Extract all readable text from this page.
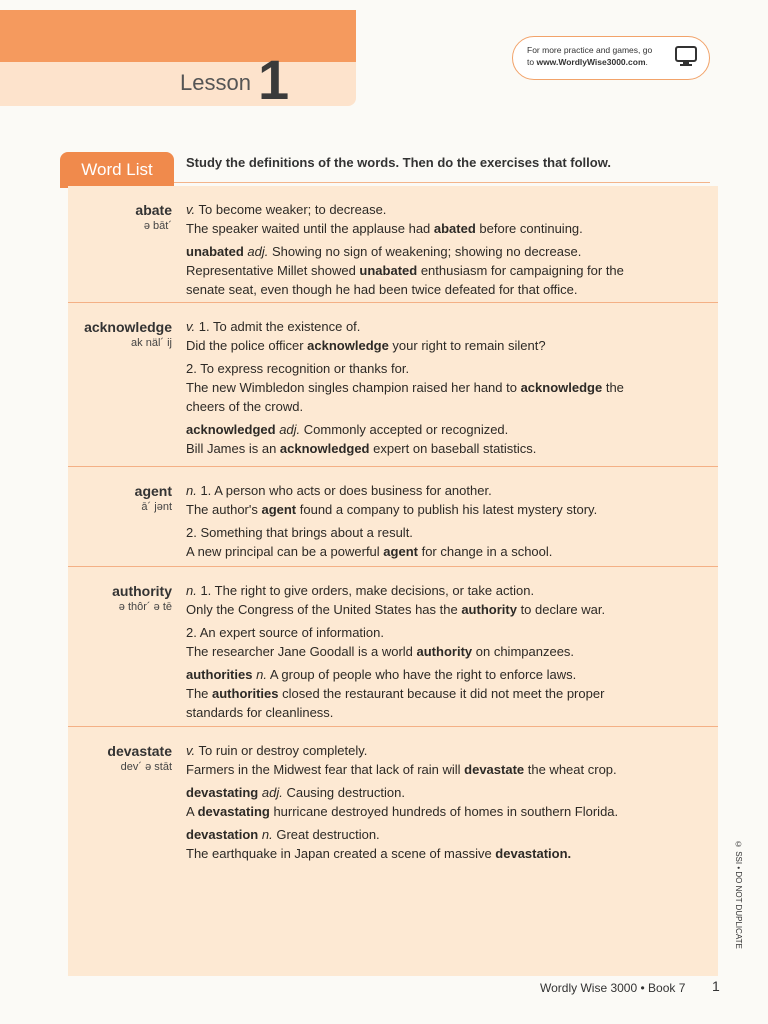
Lesson 1	For more practice and games, go
to www.WordlyWise3000.com.
Word List	Study the definitions of the words. Then do the exercises that follow.
abate
ə bāt´
v. To become weaker; to decrease.
The speaker waited until the applause had abated before continuing.
unabated adj. Showing no sign of weakening; showing no decrease.
Representative Millet showed unabated enthusiasm for campaigning for the
senate seat, even though he had been twice defeated for that office.
acknowledge
ak näl´ ij
v. 1. To admit the existence of.
Did the police officer acknowledge your right to remain silent?
2. To express recognition or thanks for.
The new Wimbledon singles champion raised her hand to acknowledge the
cheers of the crowd.
acknowledged adj. Commonly accepted or recognized.
Bill James is an acknowledged expert on baseball statistics.
agent
ā´ jənt
n. 1. A person who acts or does business for another.
The author's agent found a company to publish his latest mystery story.
2. Something that brings about a result.
A new principal can be a powerful agent for change in a school.
authority
ə thôr´ ə tē
n. 1. The right to give orders, make decisions, or take action.
Only the Congress of the United States has the authority to declare war.
2. An expert source of information.
The researcher Jane Goodall is a world authority on chimpanzees.
authorities n. A group of people who have the right to enforce laws.
The authorities closed the restaurant because it did not meet the proper
standards for cleanliness.
devastate
dev´ ə stāt
v. To ruin or destroy completely.
Farmers in the Midwest fear that lack of rain will devastate the wheat crop.
devastating adj. Causing destruction.
A devastating hurricane destroyed hundreds of homes in southern Florida.
devastation n. Great destruction.
The earthquake in Japan created a scene of massive devastation.
Wordly Wise 3000 • Book 7 1
© SSI • DO NOT DUPLICATE
